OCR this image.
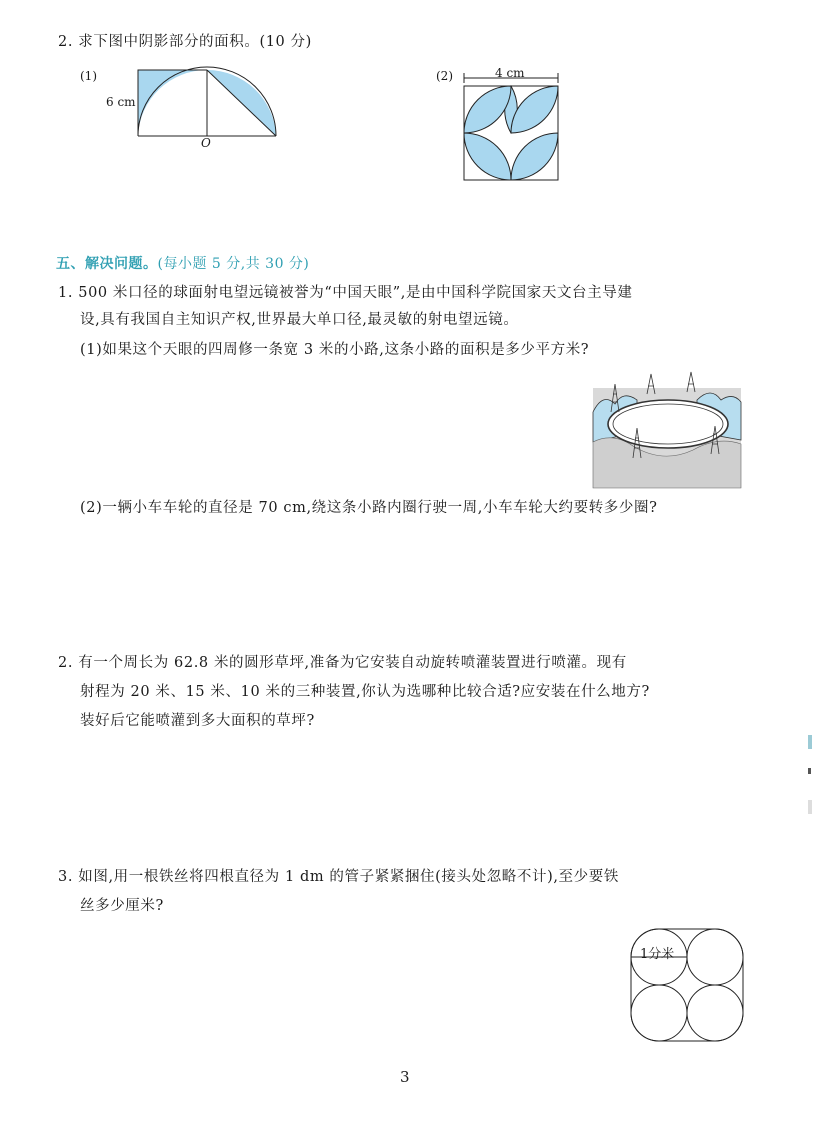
2. 求下图中阴影部分的面积。(10 分)
(1)
6 cm
O
(2)	4 cm
五、解决问题。(每小题 5 分,共 30 分)
1. 500 米口径的球面射电望远镜被誉为“中国天眼”,是由中国科学院国家天文台主导建
设,具有我国自主知识产权,世界最大单口径,最灵敏的射电望远镜。
(1)如果这个天眼的四周修一条宽 3 米的小路,这条小路的面积是多少平方米?
(2)一辆小车车轮的直径是 70 cm,绕这条小路内圈行驶一周,小车车轮大约要转多少圈?
2. 有一个周长为 62.8 米的圆形草坪,准备为它安装自动旋转喷灌装置进行喷灌。现有
射程为 20 米、15 米、10 米的三种装置,你认为选哪种比较合适?应安装在什么地方?
装好后它能喷灌到多大面积的草坪?
3. 如图,用一根铁丝将四根直径为 1 dm 的管子紧紧捆住(接头处忽略不计),至少要铁
丝多少厘米?
1分米
3
